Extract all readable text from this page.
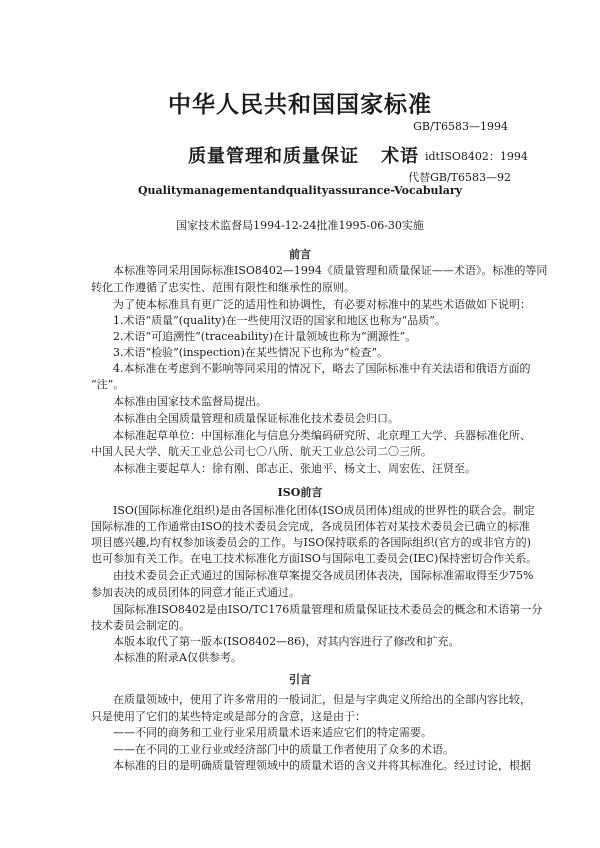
中华人民共和国国家标准
GB/T6583—1994
质量管理和质量保证 术语 idtISO8402：1994
代替GB/T6583—92
Qualitymanagementandqualityassurance-Vocabulary
国家技术监督局1994-12-24批准1995-06-30实施
前言
本标准等同采用国际标准ISO8402—1994《质量管理和质量保证——术语》。标准的等同
转化工作遵循了忠实性、范围有限性和继承性的原则。
为了使本标准具有更广泛的适用性和协调性，有必要对标准中的某些术语做如下说明：
1.术语“质量”(quality)在一些使用汉语的国家和地区也称为“品质”。
2.术语“可追溯性”(traceability)在计量领域也称为“溯源性”。
3.术语“检验”(inspection)在某些情况下也称为“检查”。
4.本标准在考虑到不影响等同采用的情况下，略去了国际标准中有关法语和俄语方面的
“注”。
本标准由国家技术监督局提出。
本标准由全国质量管理和质量保证标准化技术委员会归口。
本标准起草单位：中国标准化与信息分类编码研究所、北京理工大学、兵器标准化所、
中国人民大学、航天工业总公司七〇八所、航天工业总公司二〇三所。
本标准主要起草人：徐有刚、郎志正、张迪平、杨文士、周宏佐、汪贤至。
ISO前言
ISO(国际标准化组织)是由各国标准化团体(ISO成员团体)组成的世界性的联合会。制定
国际标准的工作通常由ISO的技术委员会完成，各成员团体若对某技术委员会已确立的标准
项目感兴趣,均有权参加该委员会的工作。与ISO保持联系的各国际组织(官方的或非官方的)
也可参加有关工作。在电工技术标准化方面ISO与国际电工委员会(IEC)保持密切合作关系。
由技术委员会正式通过的国际标准草案提交各成员团体表决，国际标准需取得至少75%
参加表决的成员团体的同意才能正式通过。
国际标准ISO8402是由ISO/TC176质量管理和质量保证技术委员会的概念和术语第一分
技术委员会制定的。
本版本取代了第一版本(ISO8402—86)，对其内容进行了修改和扩充。
本标准的附录A仅供参考。
引言
在质量领域中，使用了许多常用的一般词汇，但是与字典定义所给出的全部内容比较，
只是使用了它们的某些特定或是部分的含意，这是由于：
——不同的商务和工业行业采用质量术语来适应它们的特定需要。
——在不同的工业行业或经济部门中的质量工作者使用了众多的术语。
本标准的目的是明确质量管理领域中的质量术语的含义并将其标准化。经过讨论，根据
